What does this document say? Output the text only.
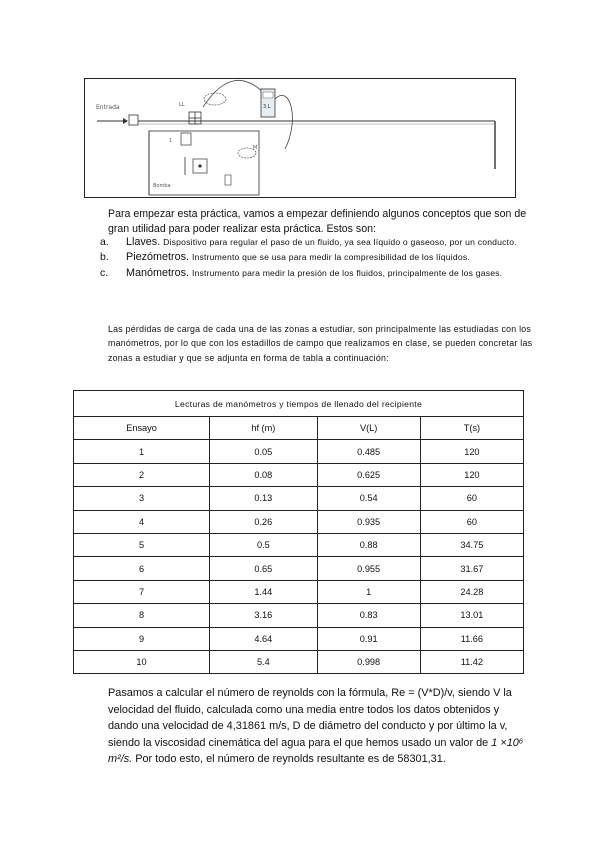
Entrada	LL	3.L
1
Bomba
M
Para empezar esta práctica, vamos a empezar definiendo algunos conceptos que son de gran utilidad para poder realizar esta práctica. Estos son:
a. Llaves. Dispositivo para regular el paso de un fluido, ya sea líquido o gaseoso, por un conducto.
b. Piezómetros. Instrumento que se usa para medir la compresibilidad de los líquidos.
c. Manómetros. Instrumento para medir la presión de los fluidos, principalmente de los gases.
Las pérdidas de carga de cada una de las zonas a estudiar, son principalmente las estudiadas con los manómetros, por lo que con los estadillos de campo que realizamos en clase, se pueden concretar las zonas a estudiar y que se adjunta en forma de tabla a continuación:
Lecturas de manómetros y tiempos de llenado del recipiente			
Ensayo	hf (m)	V(L)	T(s)
1	0.05	0.485	120
2	0.08	0.625	120
3	0.13	0.54	60
4	0.26	0.935	60
5	0.5	0.88	34.75
6	0.65	0.955	31.67
7	1.44	1	24.28
8	3.16	0.83	13.01
9	4.64	0.91	11.66
10	5.4	0.998	11.42
Pasamos a calcular el número de reynolds con la fórmula, Re = (V*D)/v, siendo V la velocidad del fluido, calculada como una media entre todos los datos obtenidos y dando una velocidad de 4,31861 m/s, D de diámetro del conducto y por último la v, siendo la viscosidad cinemática del agua para el que hemos usado un valor de 1 ×10⁶ m²/s. Por todo esto, el número de reynolds resultante es de 58301,31.
